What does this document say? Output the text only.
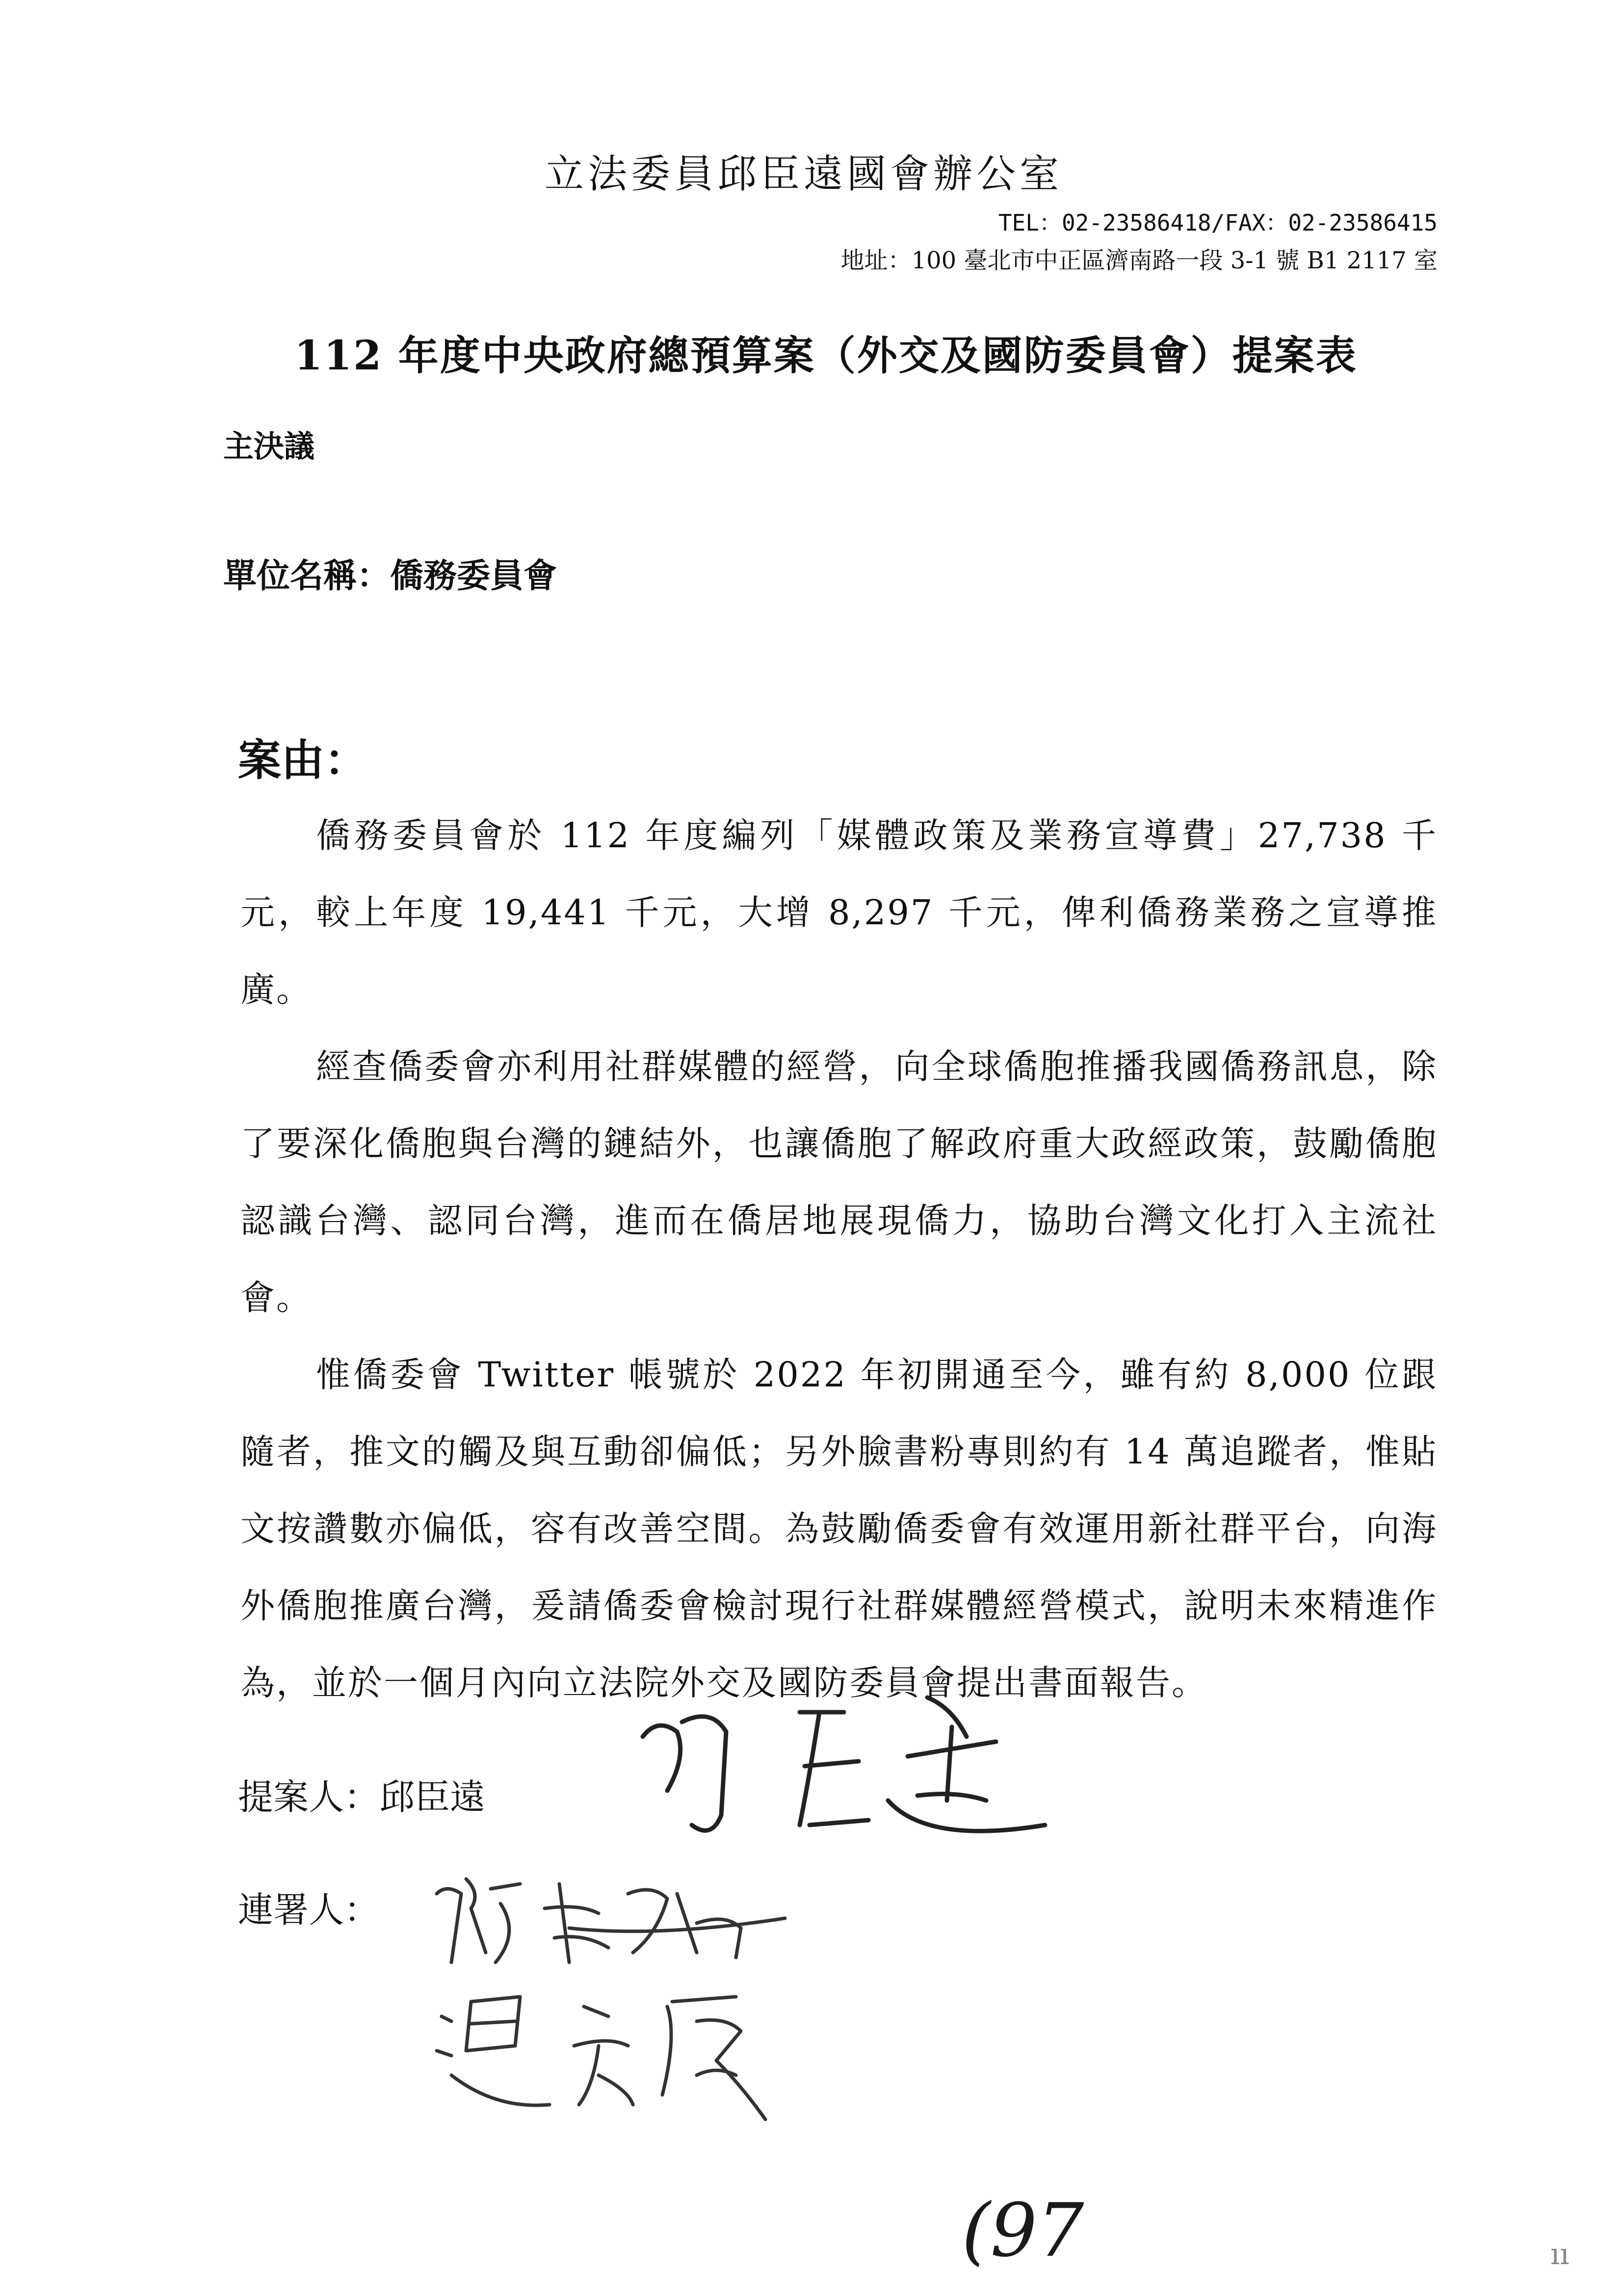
立法委員邱臣遠國會辦公室
TEL：02-23586418/FAX：02-23586415
地址：100 臺北市中正區濟南路一段 3-1 號 B1 2117 室
112 年度中央政府總預算案（外交及國防委員會）提案表
主決議
單位名稱：僑務委員會
案由：

僑務委員會於 112 年度編列「媒體政策及業務宣導費」27,738 千元，較上年度 19,441 千元，大增 8,297 千元，俾利僑務業務之宣導推廣。

經查僑委會亦利用社群媒體的經營，向全球僑胞推播我國僑務訊息，除了要深化僑胞與台灣的鏈結外，也讓僑胞了解政府重大政經政策，鼓勵僑胞認識台灣、認同台灣，進而在僑居地展現僑力，協助台灣文化打入主流社會。

惟僑委會 Twitter 帳號於 2022 年初開通至今，雖有約 8,000 位跟隨者，推文的觸及與互動卻偏低；另外臉書粉專則約有 14 萬追蹤者，惟貼文按讚數亦偏低，容有改善空間。為鼓勵僑委會有效運用新社群平台，向海外僑胞推廣台灣，爰請僑委會檢討現行社群媒體經營模式，說明未來精進作為，並於一個月內向立法院外交及國防委員會提出書面報告。

提案人：邱臣遠
連署人：
(97	ıı
